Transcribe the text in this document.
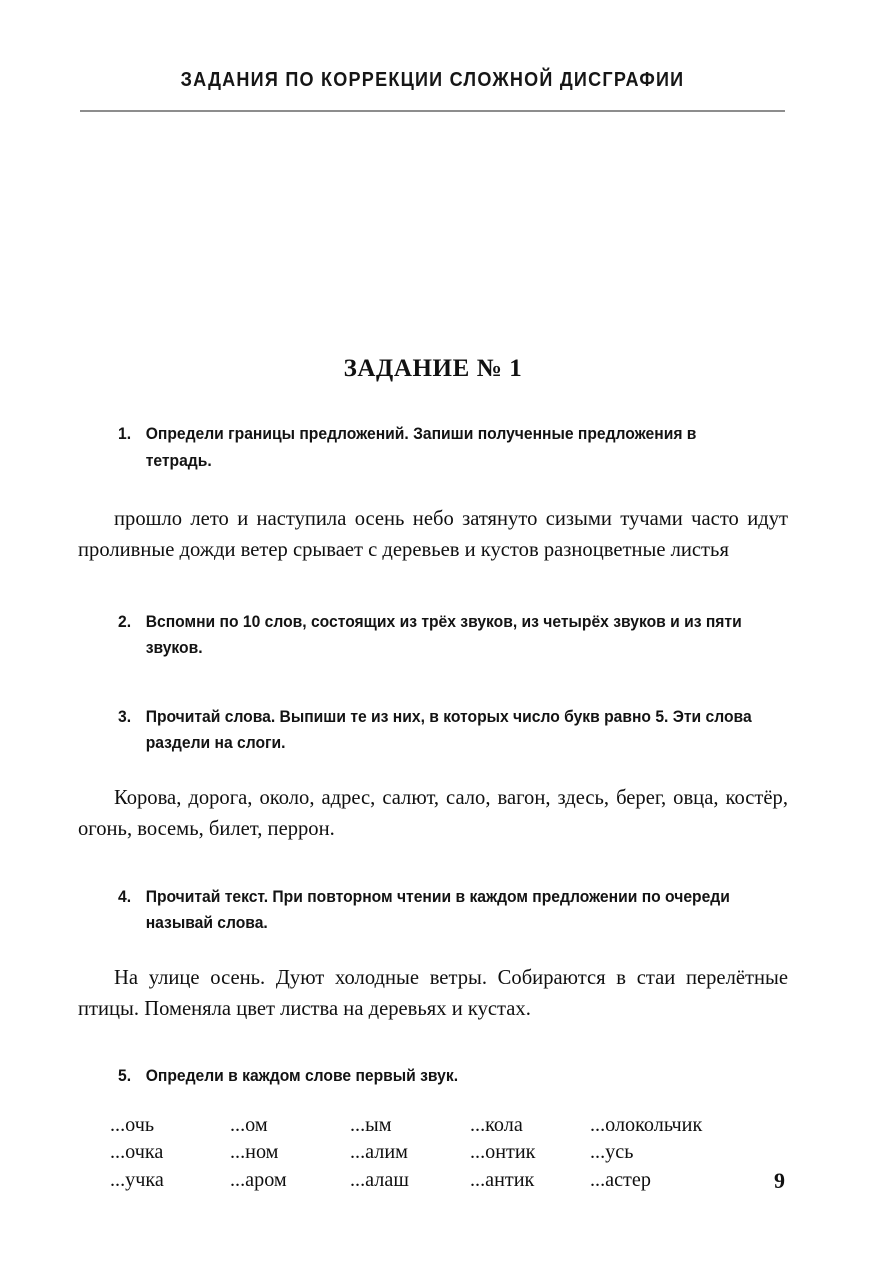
ЗАДАНИЯ ПО КОРРЕКЦИИ СЛОЖНОЙ ДИСГРАФИИ
ЗАДАНИЕ № 1
1. Определи границы предложений. Запиши полученные предложения в тетрадь.

прошло лето и наступила осень небо затянуто сизыми тучами часто идут проливные дожди ветер срывает с деревьев и кустов разноцветные листья

2. Вспомни по 10 слов, состоящих из трёх звуков, из четырёх звуков и из пяти звуков.
3. Прочитай слова. Выпиши те из них, в которых число букв равно 5. Эти слова раздели на слоги.

Корова, дорога, около, адрес, салют, сало, вагон, здесь, берег, овца, костёр, огонь, восемь, билет, перрон.

4. Прочитай текст. При повторном чтении в каждом предложении по очереди называй слова.

На улице осень. Дуют холодные ветры. Собираются в стаи перелётные птицы. Поменяла цвет листва на деревьях и кустах.

5. Определи в каждом слове первый звук.
...очь	...ом	...ым	...кола	...олокольчик
...очка	...ном	...алим	...онтик	...усь
...учка	...аром	...алаш	...антик	...астер	9
